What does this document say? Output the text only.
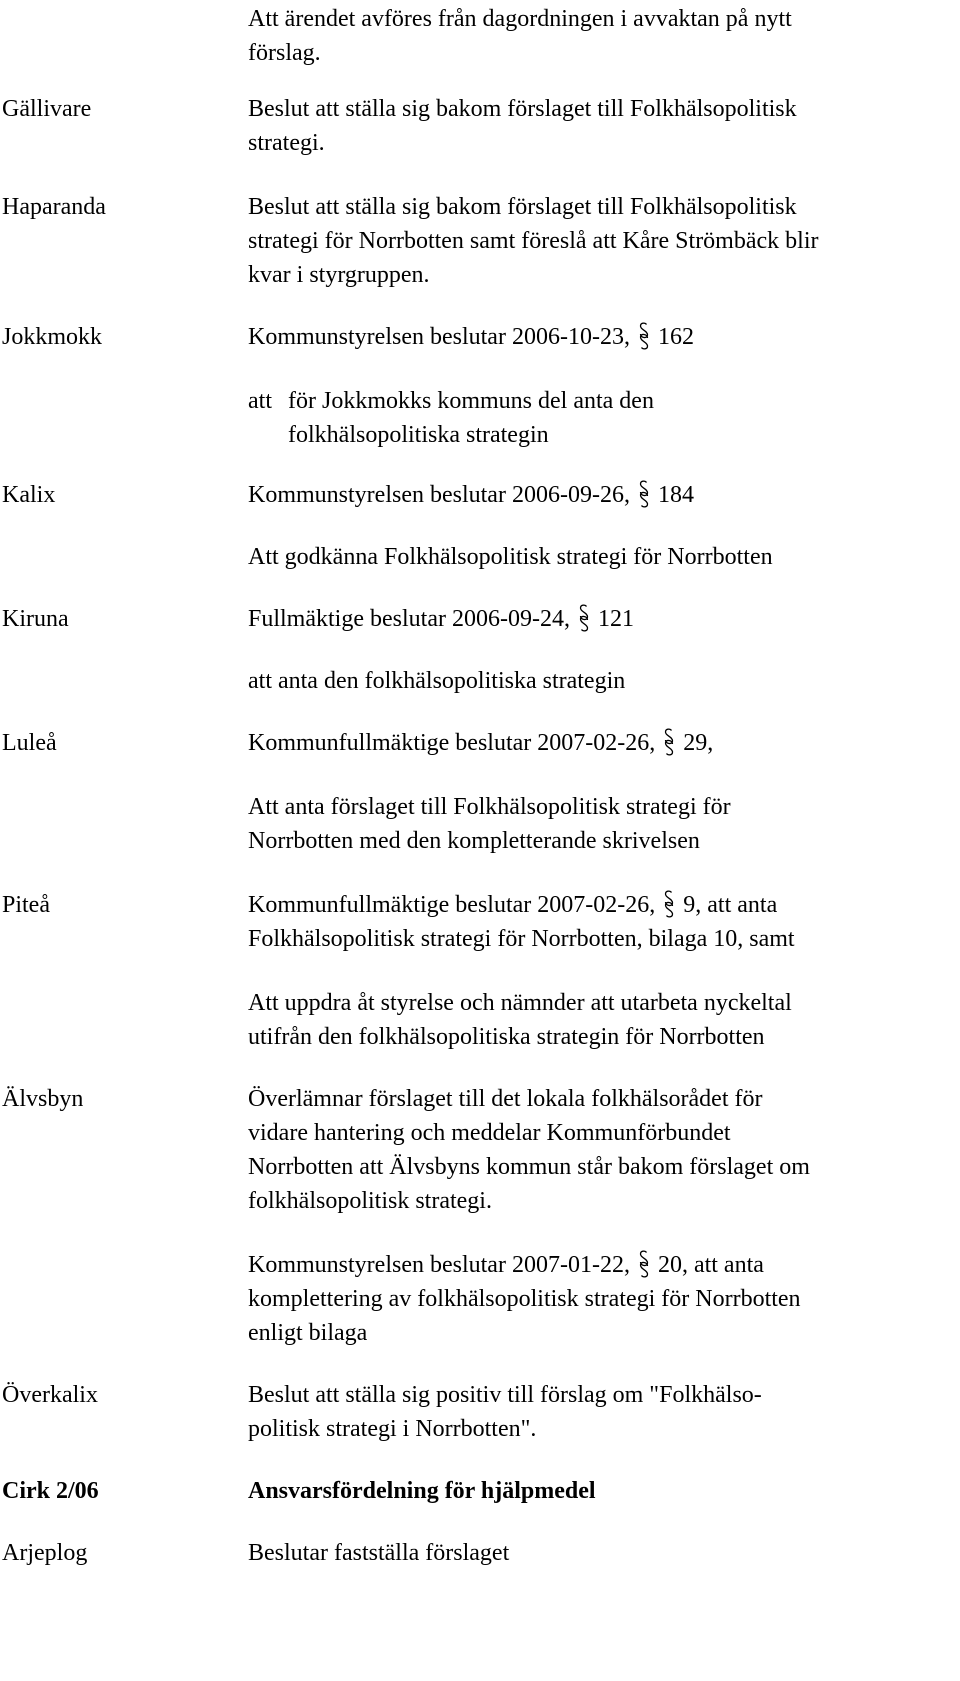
Att ärendet avföres från dagordningen i avvaktan på nytt
förslag.
Gällivare	Beslut att ställa sig bakom förslaget till Folkhälsopolitisk
strategi.
Haparanda	Beslut att ställa sig bakom förslaget till Folkhälsopolitisk
strategi för Norrbotten samt föreslå att Kåre Strömbäck blir
kvar i styrgruppen.
Jokkmokk	Kommunstyrelsen beslutar 2006-10-23, 162
att för Jokkmokks kommuns del anta den
folkhälsopolitiska strategin
Kalix	Kommunstyrelsen beslutar 2006-09-26, 184
Att godkänna Folkhälsopolitisk strategi för Norrbotten
Kiruna	Fullmäktige beslutar 2006-09-24, 121
att anta den folkhälsopolitiska strategin
Luleå	Kommunfullmäktige beslutar 2007-02-26, 29,
Att anta förslaget till Folkhälsopolitisk strategi för
Norrbotten med den kompletterande skrivelsen
Piteå	Kommunfullmäktige beslutar 2007-02-26, 9, att anta
Folkhälsopolitisk strategi för Norrbotten, bilaga 10, samt
Att uppdra åt styrelse och nämnder att utarbeta nyckeltal
utifrån den folkhälsopolitiska strategin för Norrbotten
Älvsbyn	Överlämnar förslaget till det lokala folkhälsorådet för
vidare hantering och meddelar Kommunförbundet
Norrbotten att Älvsbyns kommun står bakom förslaget om
folkhälsopolitisk strategi.
Kommunstyrelsen beslutar 2007-01-22, 20, att anta
komplettering av folkhälsopolitisk strategi för Norrbotten
enligt bilaga
Överkalix	Beslut att ställa sig positiv till förslag om "Folkhälso-
politisk strategi i Norrbotten".
Cirk 2/06	Ansvarsfördelning för hjälpmedel
Arjeplog	Beslutar fastställa förslaget
